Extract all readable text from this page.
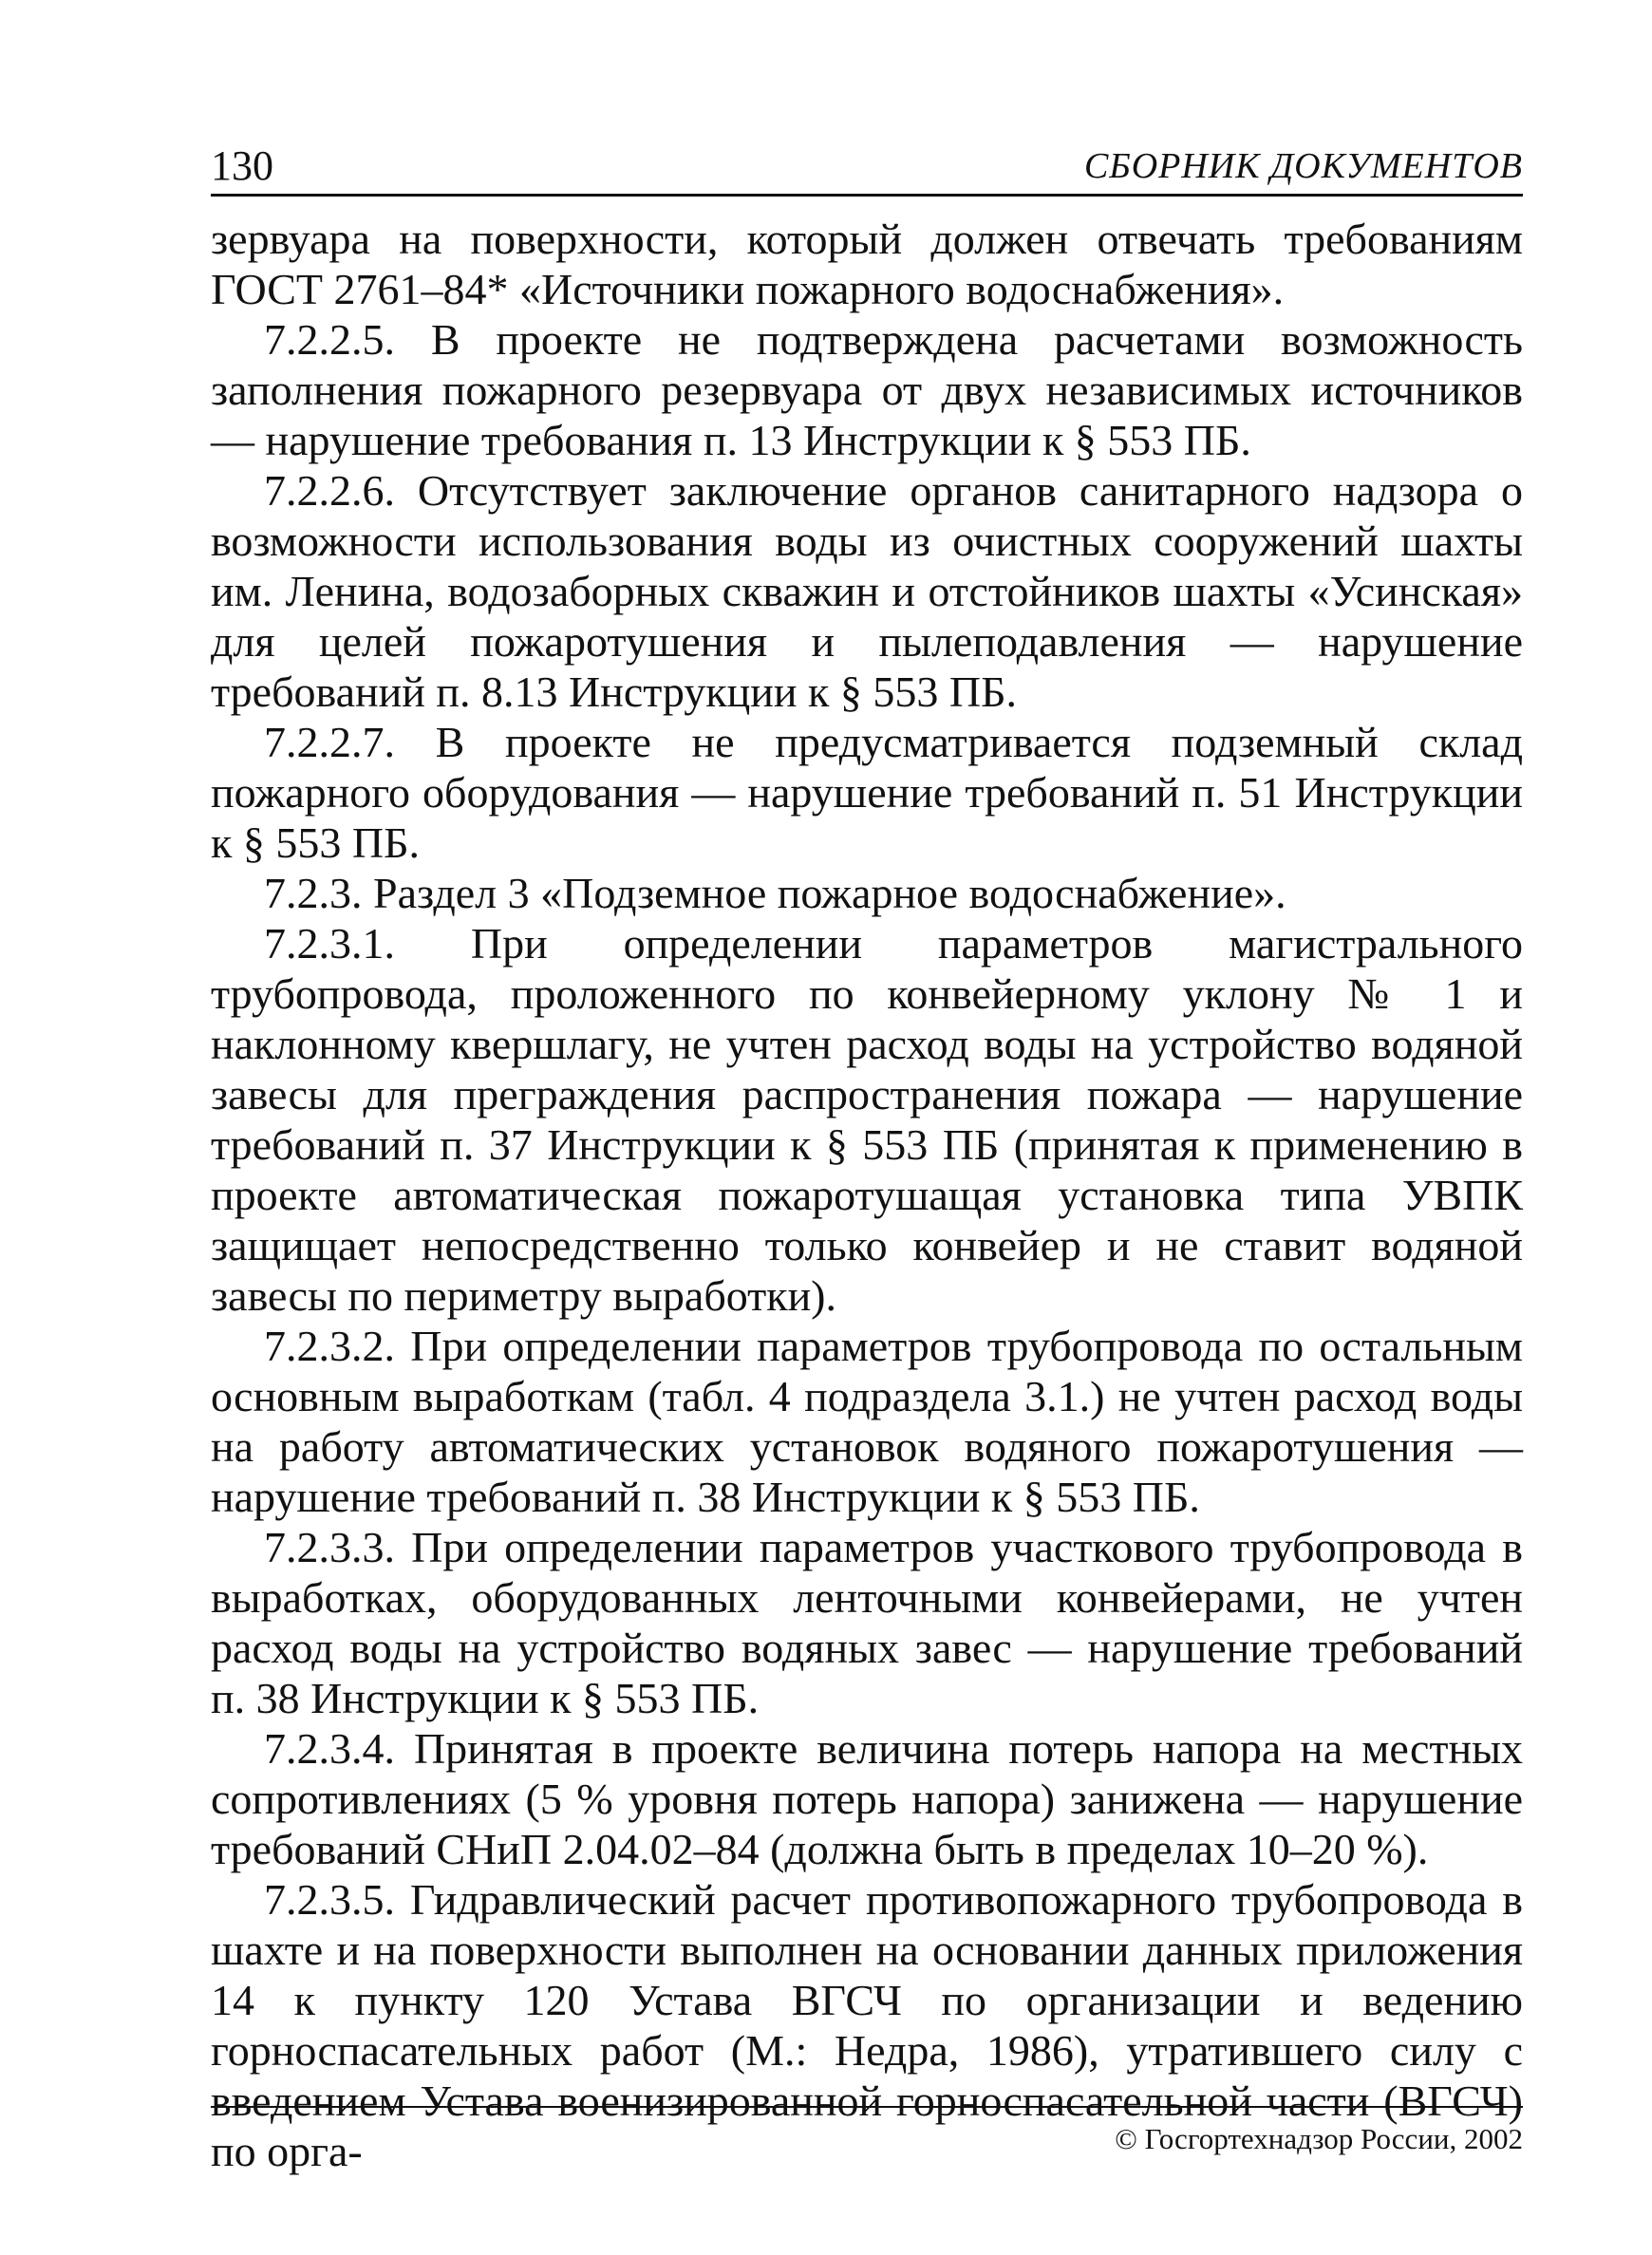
130	СБОРНИК ДОКУМЕНТОВ

зервуара на поверхности, который должен отвечать требованиям ГОСТ 2761–84* «Источники пожарного водоснабжения».

7.2.2.5. В проекте не подтверждена расчетами возможность заполнения пожарного резервуара от двух независимых источников — нарушение требования п. 13 Инструкции к § 553 ПБ.

7.2.2.6. Отсутствует заключение органов санитарного надзора о возможности использования воды из очистных сооружений шахты им. Ленина, водозаборных скважин и отстойников шахты «Усинская» для целей пожаротушения и пылеподавления — нарушение требований п. 8.13 Инструкции к § 553 ПБ.

7.2.2.7. В проекте не предусматривается подземный склад пожарного оборудования — нарушение требований п. 51 Инструкции к § 553 ПБ.

7.2.3. Раздел 3 «Подземное пожарное водоснабжение».

7.2.3.1. При определении параметров магистрального трубопровода, проложенного по конвейерному уклону № 1 и наклонному квершлагу, не учтен расход воды на устройство водяной завесы для преграждения распространения пожара — нарушение требований п. 37 Инструкции к § 553 ПБ (принятая к применению в проекте автоматическая пожаротушащая установка типа УВПК защищает непосредственно только конвейер и не ставит водяной завесы по периметру выработки).

7.2.3.2. При определении параметров трубопровода по остальным основным выработкам (табл. 4 подраздела 3.1.) не учтен расход воды на работу автоматических установок водяного пожаротушения — нарушение требований п. 38 Инструкции к § 553 ПБ.

7.2.3.3. При определении параметров участкового трубопровода в выработках, оборудованных ленточными конвейерами, не учтен расход воды на устройство водяных завес — нарушение требований п. 38 Инструкции к § 553 ПБ.

7.2.3.4. Принятая в проекте величина потерь напора на местных сопротивлениях (5 % уровня потерь напора) занижена — нарушение требований СНиП 2.04.02–84 (должна быть в пределах 10–20 %).

7.2.3.5. Гидравлический расчет противопожарного трубопровода в шахте и на поверхности выполнен на основании данных приложения 14 к пункту 120 Устава ВГСЧ по организации и ведению горноспасательных работ (М.: Недра, 1986), утратившего силу с введением Устава военизированной горноспасательной части (ВГСЧ) по орга-	© Госгортехнадзор России, 2002
